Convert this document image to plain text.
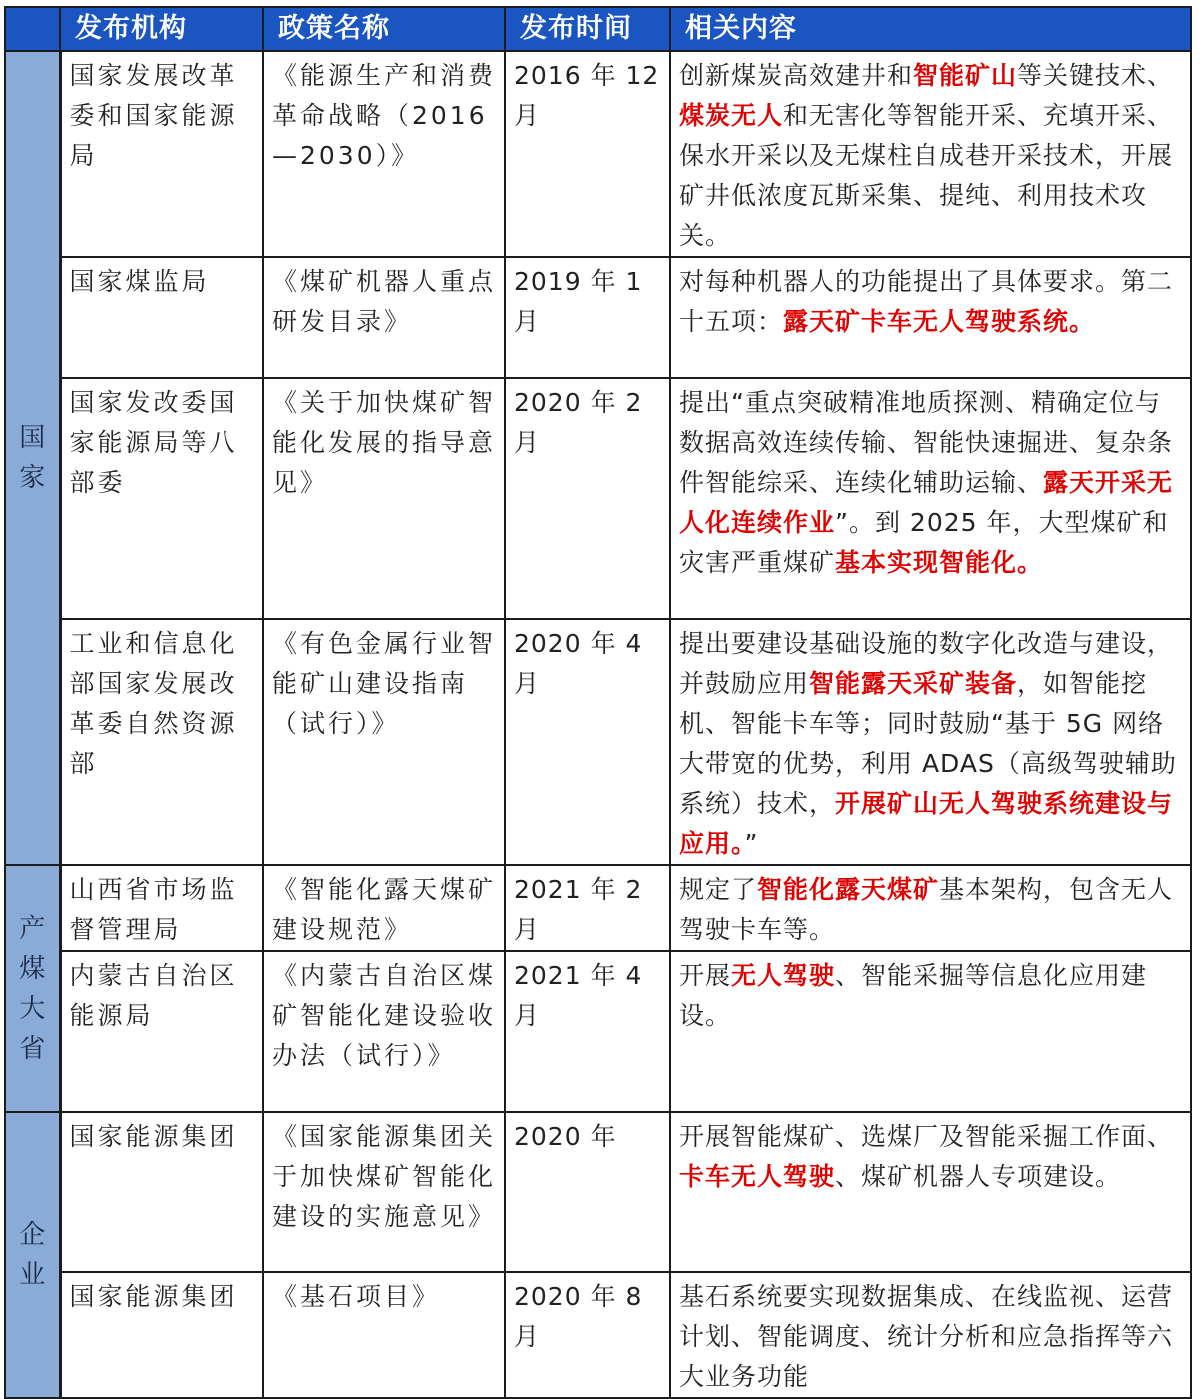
	发布机构	政策名称	发布时间	相关内容

国家	国家发展改革委和国家能源局	《能源生产和消费革命战略（2016—2030）》	2016 年 12 月	创新煤炭高效建井和智能矿山等关键技术、煤炭无人和无害化等智能开采、充填开采、保水开采以及无煤柱自成巷开采技术，开展矿井低浓度瓦斯采集、提纯、利用技术攻关。
	国家煤监局	《煤矿机器人重点研发目录》	2019 年 1 月	对每种机器人的功能提出了具体要求。第二十五项：露天矿卡车无人驾驶系统。
	国家发改委国家能源局等八部委	《关于加快煤矿智能化发展的指导意见》	2020 年 2 月	提出“重点突破精准地质探测、精确定位与数据高效连续传输、智能快速掘进、复杂条件智能综采、连续化辅助运输、露天开采无人化连续作业”。到 2025 年，大型煤矿和灾害严重煤矿基本实现智能化。
	工业和信息化部国家发展改革委自然资源部	《有色金属行业智能矿山建设指南（试行）》	2020 年 4 月	提出要建设基础设施的数字化改造与建设，并鼓励应用智能露天采矿装备，如智能挖机、智能卡车等；同时鼓励“基于 5G 网络大带宽的优势，利用 ADAS（高级驾驶辅助系统）技术，开展矿山无人驾驶系统建设与应用。”

产煤大省	山西省市场监督管理局	《智能化露天煤矿建设规范》	2021 年 2 月	规定了智能化露天煤矿基本架构，包含无人驾驶卡车等。
	内蒙古自治区能源局	《内蒙古自治区煤矿智能化建设验收办法（试行）》	2021 年 4 月	开展无人驾驶、智能采掘等信息化应用建设。

企业	国家能源集团	《国家能源集团关于加快煤矿智能化建设的实施意见》	2020 年	开展智能煤矿、选煤厂及智能采掘工作面、卡车无人驾驶、煤矿机器人专项建设。
	国家能源集团	《基石项目》	2020 年 8 月	基石系统要实现数据集成、在线监视、运营计划、智能调度、统计分析和应急指挥等六大业务功能
